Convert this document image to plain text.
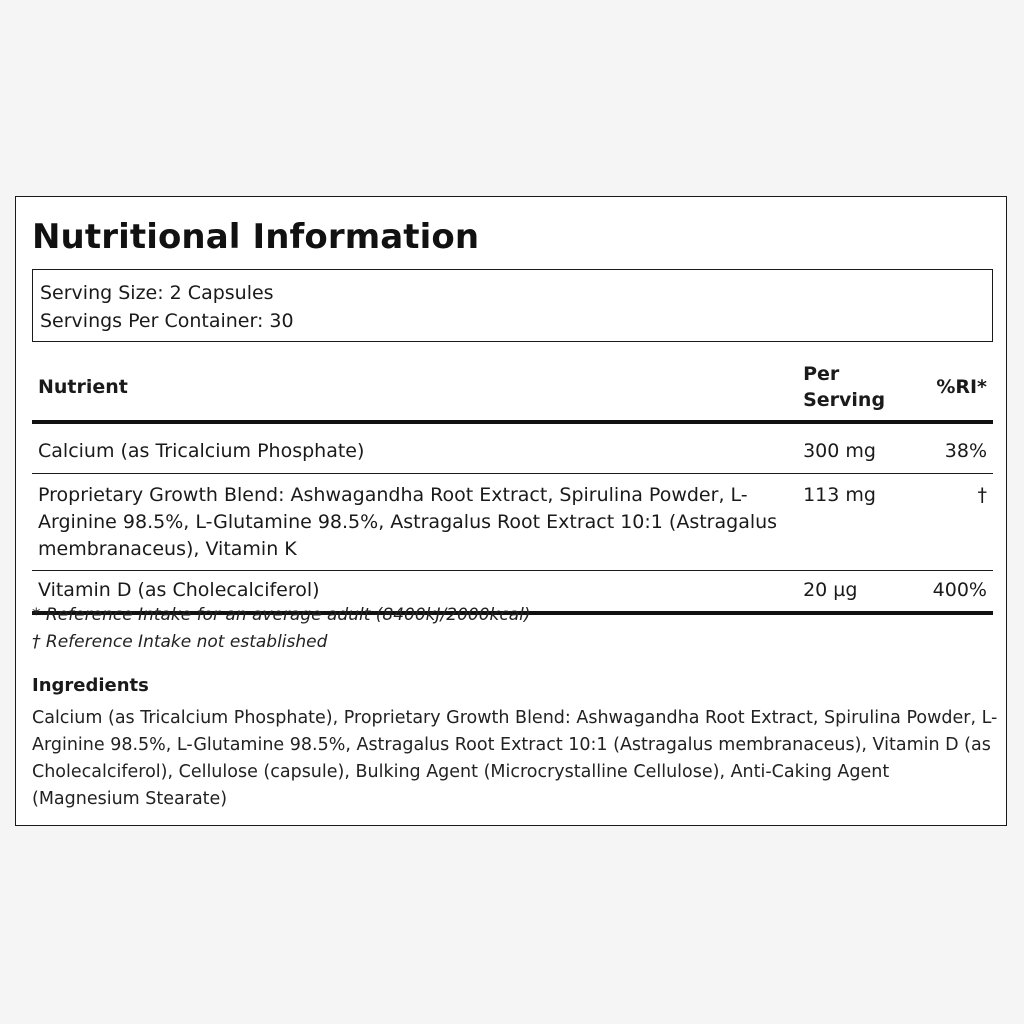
Nutritional Information
Serving Size: 2 Capsules
Servings Per Container: 30
Nutrient	Per Serving	%RI*
Calcium (as Tricalcium Phosphate)	300 mg	38%
Proprietary Growth Blend: Ashwagandha Root Extract, Spirulina Powder, L-Arginine 98.5%, L-Glutamine 98.5%, Astragalus Root Extract 10:1 (Astragalus membranaceus), Vitamin K	113 mg	†
Vitamin D (as Cholecalciferol)	20 µg	400%
* Reference Intake for an average adult (8400kJ/2000kcal)
† Reference Intake not established
Ingredients

Calcium (as Tricalcium Phosphate), Proprietary Growth Blend: Ashwagandha Root Extract, Spirulina Powder, L-Arginine 98.5%, L-Glutamine 98.5%, Astragalus Root Extract 10:1 (Astragalus membranaceus), Vitamin D (as Cholecalciferol), Cellulose (capsule), Bulking Agent (Microcrystalline Cellulose), Anti-Caking Agent (Magnesium Stearate)
